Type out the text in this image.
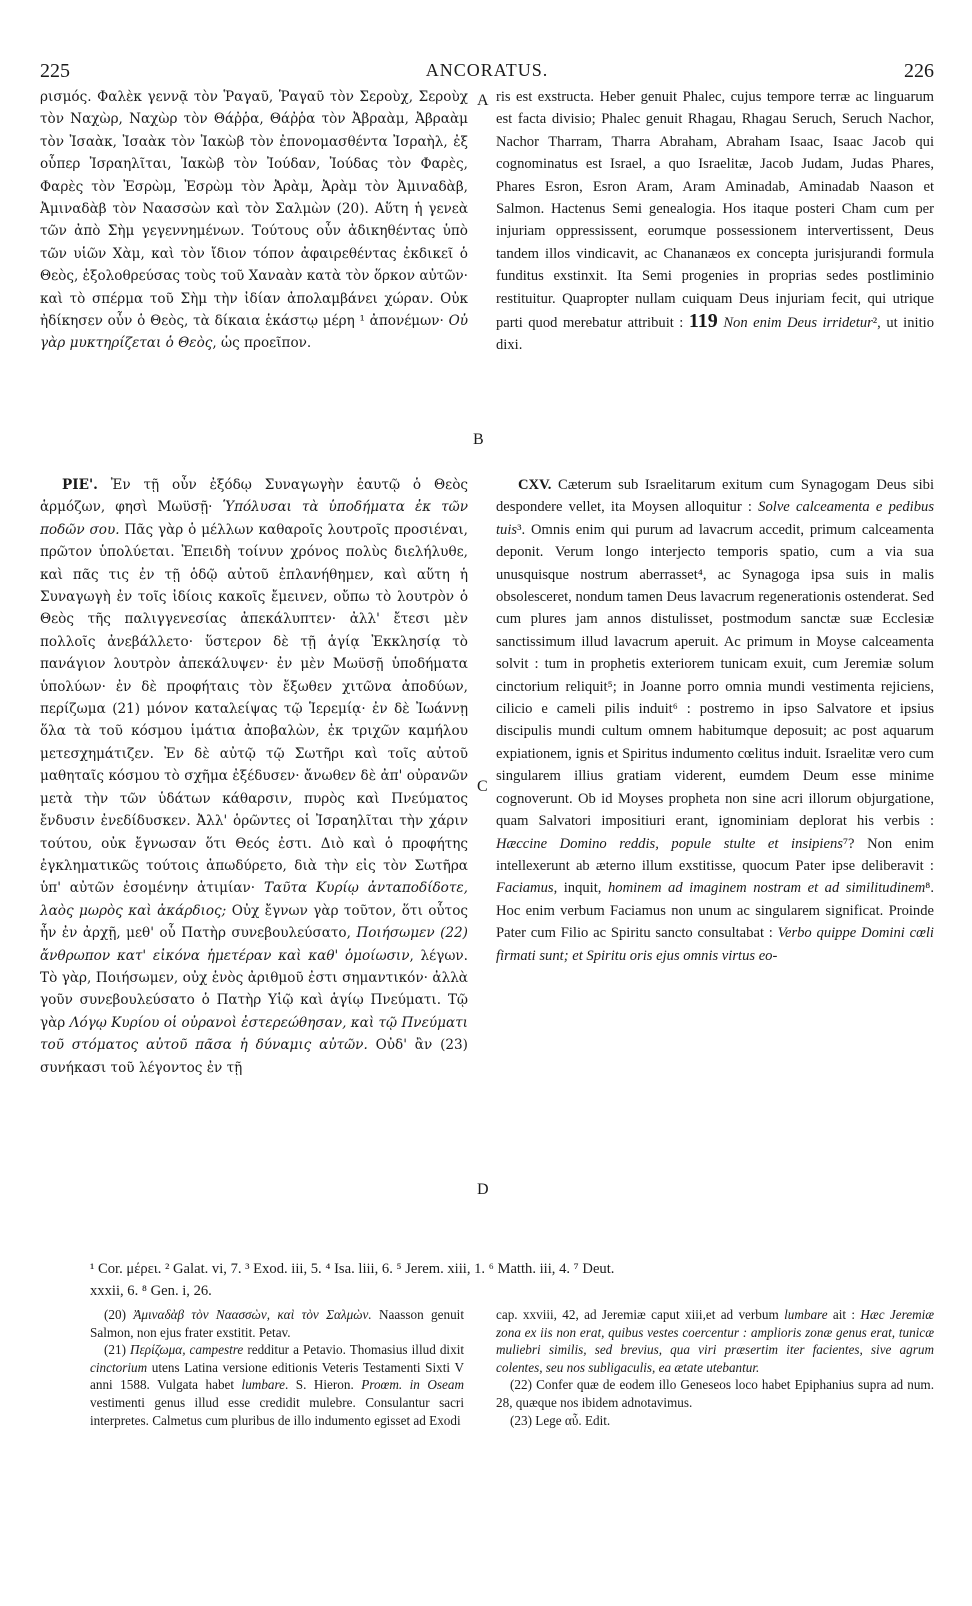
225	ANCORATUS.	226
A
B
C
D

ρισμός. Φαλὲκ γεννᾷ τὸν Ῥαγαῦ, Ῥαγαῦ τὸν Σεροὺχ, Σεροὺχ τὸν Ναχὼρ, Ναχὼρ τὸν Θάῤῥα, Θάῤῥα τὸν Ἀβραὰμ, Ἀβραὰμ τὸν Ἰσαὰκ, Ἰσαὰκ τὸν Ἰακὼβ τὸν ἐπονομασθέντα Ἰσραὴλ, ἐξ οὗπερ Ἰσραηλῖται, Ἰακὼβ τὸν Ἰούδαν, Ἰούδας τὸν Φαρὲς, Φαρὲς τὸν Ἐσρὼμ, Ἐσρὼμ τὸν Ἀρὰμ, Ἀρὰμ τὸν Ἀμιναδὰβ, Ἀμιναδὰβ τὸν Ναασσὼν καὶ τὸν Σαλμὼν (20). Αὕτη ἡ γενεὰ τῶν ἀπὸ Σὴμ γεγεννημένων. Τούτους οὖν ἀδικηθέντας ὑπὸ τῶν υἱῶν Χὰμ, καὶ τὸν ἴδιον τόπον ἀφαιρεθέντας ἐκδικεῖ ὁ Θεὸς, ἐξολοθρεύσας τοὺς τοῦ Χαναὰν κατὰ τὸν ὅρκον αὐτῶν· καὶ τὸ σπέρμα τοῦ Σὴμ τὴν ἰδίαν ἀπολαμβάνει χώραν. Οὐκ ἠδίκησεν οὖν ὁ Θεὸς, τὰ δίκαια ἑκάστῳ μέρη ¹ ἀπονέμων· Οὐ γὰρ μυκτηρίζεται ὁ Θεὸς, ὡς προεῖπον.

ris est exstructa. Heber genuit Phalec, cujus tempore terræ ac linguarum est facta divisio; Phalec genuit Rhagau, Rhagau Seruch, Seruch Nachor, Nachor Tharram, Tharra Abraham, Abraham Isaac, Isaac Jacob qui cognominatus est Israel, a quo Israelitæ, Jacob Judam, Judas Phares, Phares Esron, Esron Aram, Aram Aminadab, Aminadab Naason et Salmon. Hactenus Semi genealogia. Hos itaque posteri Cham cum per injuriam oppressissent, eorumque possessionem intervertissent, Deus tandem illos vindicavit, ac Chananæos ex concepta jurisjurandi formula funditus exstinxit. Ita Semi progenies in proprias sedes postliminio restituitur. Quapropter nullam cuiquam Deus injuriam fecit, qui utrique parti quod merebatur attribuit : 119 Non enim Deus irridetur², ut initio dixi.

ΡΙΕ'. Ἐν τῇ οὖν ἐξόδῳ Συναγωγὴν ἑαυτῷ ὁ Θεὸς ἁρμόζων, φησὶ Μωϋσῇ· Ὑπόλυσαι τὰ ὑποδήματα ἐκ τῶν ποδῶν σου. Πᾶς γὰρ ὁ μέλλων καθαροῖς λουτροῖς προσιέναι, πρῶτον ὑπολύεται. Ἐπειδὴ τοίνυν χρόνος πολὺς διελήλυθε, καὶ πᾶς τις ἐν τῇ ὁδῷ αὐτοῦ ἐπλανήθημεν, καὶ αὕτη ἡ Συναγωγὴ ἐν τοῖς ἰδίοις κακοῖς ἔμεινεν, οὔπω τὸ λουτρὸν ὁ Θεὸς τῆς παλιγγενεσίας ἀπεκάλυπτεν· ἀλλ' ἔτεσι μὲν πολλοῖς ἀνεβάλλετο· ὕστερον δὲ τῇ ἁγίᾳ Ἐκκλησίᾳ τὸ πανάγιον λουτρὸν ἀπεκάλυψεν· ἐν μὲν Μωϋσῇ ὑποδήματα ὑπολύων· ἐν δὲ προφήταις τὸν ἔξωθεν χιτῶνα ἀποδύων, περίζωμα (21) μόνον καταλείψας τῷ Ἱερεμίᾳ· ἐν δὲ Ἰωάννῃ ὅλα τὰ τοῦ κόσμου ἱμάτια ἀποβαλὼν, ἐκ τριχῶν καμήλου μετεσχημάτιζεν. Ἐν δὲ αὐτῷ τῷ Σωτῆρι καὶ τοῖς αὐτοῦ μαθηταῖς κόσμου τὸ σχῆμα ἐξέδυσεν· ἄνωθεν δὲ ἀπ' οὐρανῶν μετὰ τὴν τῶν ὑδάτων κάθαρσιν, πυρὸς καὶ Πνεύματος ἔνδυσιν ἐνεδίδυσκεν. Ἀλλ' ὁρῶντες οἱ Ἰσραηλῖται τὴν χάριν τούτου, οὐκ ἔγνωσαν ὅτι Θεός ἐστι. Διὸ καὶ ὁ προφήτης ἐγκληματικῶς τούτοις ἀπωδύρετο, διὰ τὴν εἰς τὸν Σωτῆρα ὑπ' αὐτῶν ἐσομένην ἀτιμίαν· Ταῦτα Κυρίῳ ἀνταποδίδοτε, λαὸς μωρὸς καὶ ἀκάρδιος; Οὐχ ἔγνων γὰρ τοῦτον, ὅτι οὗτος ἦν ἐν ἀρχῇ, μεθ' οὗ Πατὴρ συνεβουλεύσατο, Ποιήσωμεν (22) ἄνθρωπον κατ' εἰκόνα ἡμετέραν καὶ καθ' ὁμοίωσιν, λέγων. Τὸ γὰρ, Ποιήσωμεν, οὐχ ἑνὸς ἀριθμοῦ ἐστι σημαντικόν· ἀλλὰ γοῦν συνεβουλεύσατο ὁ Πατὴρ Υἱῷ καὶ ἁγίῳ Πνεύματι. Τῷ γὰρ Λόγῳ Κυρίου οἱ οὐρανοὶ ἐστερεώθησαν, καὶ τῷ Πνεύματι τοῦ στόματος αὐτοῦ πᾶσα ἡ δύναμις αὐτῶν. Οὐδ' ἂν (23) συνήκασι τοῦ λέγοντος ἐν τῇ

CXV. Cæterum sub Israelitarum exitum cum Synagogam Deus sibi despondere vellet, ita Moysen alloquitur : Solve calceamenta e pedibus tuis³. Omnis enim qui purum ad lavacrum accedit, primum calceamenta deponit. Verum longo interjecto temporis spatio, cum a via sua unusquisque nostrum aberrasset⁴, ac Synagoga ipsa suis in malis obsolesceret, nondum tamen Deus lavacrum regenerationis ostenderat. Sed cum plures jam annos distulisset, postmodum sanctæ suæ Ecclesiæ sanctissimum illud lavacrum aperuit. Ac primum in Moyse calceamenta solvit : tum in prophetis exteriorem tunicam exuit, cum Jeremiæ solum cinctorium reliquit⁵; in Joanne porro omnia mundi vestimenta rejiciens, cilicio e cameli pilis induit⁶ : postremo in ipso Salvatore et ipsius discipulis mundi cultum omnem habitumque deposuit; ac post aquarum expiationem, ignis et Spiritus indumento cœlitus induit. Israelitæ vero cum singularem illius gratiam viderent, eumdem Deum esse minime cognoverunt. Ob id Moyses propheta non sine acri illorum objurgatione, quam Salvatori impositiuri erant, ignominiam deplorat his verbis : Hæccine Domino reddis, popule stulte et insipiens⁷? Non enim intellexerunt ab æterno illum exstitisse, quocum Pater ipse deliberavit : Faciamus, inquit, hominem ad imaginem nostram et ad similitudinem⁸. Hoc enim verbum Faciamus non unum ac singularem significat. Proinde Pater cum Filio ac Spiritu sancto consultabat : Verbo quippe Domini cœli firmati sunt; et Spiritu oris ejus omnis virtus eo-

¹ Cor. μέρει. ² Galat. vi, 7. ³ Exod. iii, 5. ⁴ Isa. liii, 6. ⁵ Jerem. xiii, 1. ⁶ Matth. iii, 4. ⁷ Deut.
xxxii, 6. ⁸ Gen. i, 26.

(20) Ἀμιναδὰβ τὸν Ναασσὼν, καὶ τὸν Σαλμὼν. Naasson genuit Salmon, non ejus frater exstitit. Petav.

(21) Περίζωμα, campestre redditur a Petavio. Thomasius illud dixit cinctorium utens Latina versione editionis Veteris Testamenti Sixti V anni 1588. Vulgata habet lumbare. S. Hieron. Proœm. in Oseam vestimenti genus illud esse credidit mulebre. Consulantur sacri interpretes. Calmetus cum pluribus de illo indumento egisset ad Exodi

cap. xxviii, 42, ad Jeremiæ caput xiii,et ad verbum lumbare ait : Hæc Jeremiæ zona ex iis non erat, quibus vestes coercentur : amplioris zonæ genus erat, tunicæ muliebri similis, sed brevius, qua viri præsertim iter facientes, sive agrum colentes, seu nos subligaculis, ea ætate utebantur.

(22) Confer quæ de eodem illo Geneseos loco habet Epiphanius supra ad num. 28, quæque nos ibidem adnotavimus.

(23) Lege αὖ. Edit.
